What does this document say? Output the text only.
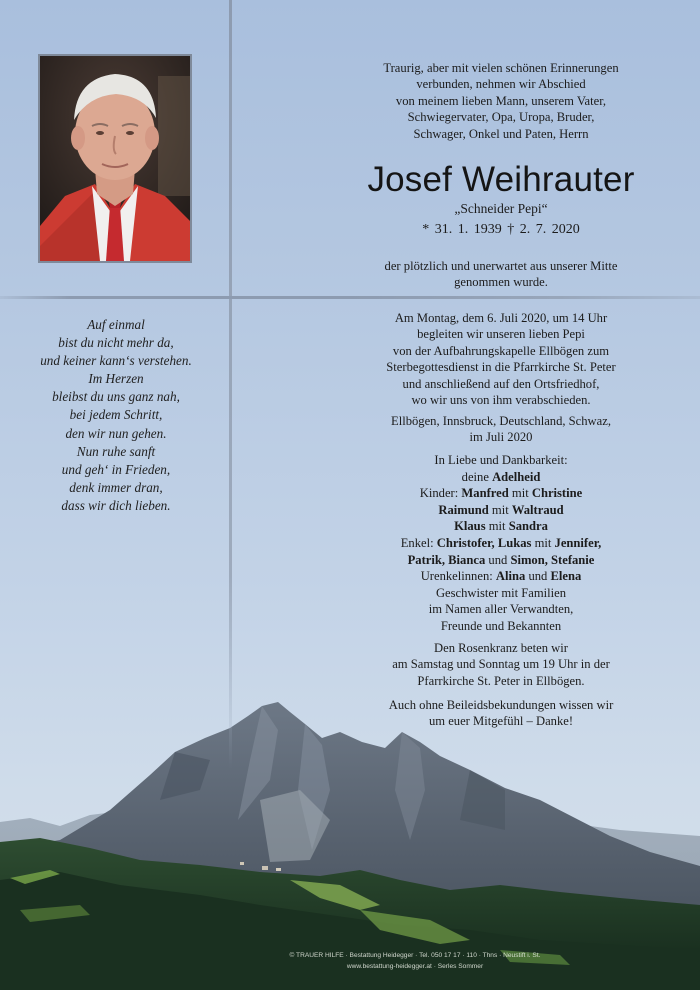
Auf einmal
bist du nicht mehr da,
und keiner kann‘s verstehen.
Im Herzen
bleibst du uns ganz nah,
bei jedem Schritt,
den wir nun gehen.
Nun ruhe sanft
und geh‘ in Frieden,
denk immer dran,
dass wir dich lieben.
Traurig, aber mit vielen schönen Erinnerungen
verbunden, nehmen wir Abschied
von meinem lieben Mann, unserem Vater,
Schwiegervater, Opa, Uropa, Bruder,
Schwager, Onkel und Paten, Herrn
Josef Weihrauter
„Schneider Pepi“
* 31. 1. 1939 † 2. 7. 2020
der plötzlich und unerwartet aus unserer Mitte
genommen wurde.
Am Montag, dem 6. Juli 2020, um 14 Uhr
begleiten wir unseren lieben Pepi
von der Aufbahrungskapelle Ellbögen zum
Sterbegottesdienst in die Pfarrkirche St. Peter
und anschließend auf den Ortsfriedhof,
wo wir uns von ihm verabschieden.
Ellbögen, Innsbruck, Deutschland, Schwaz,
im Juli 2020
In Liebe und Dankbarkeit:
deine Adelheid
Kinder: Manfred mit Christine
Raimund mit Waltraud
Klaus mit Sandra
Enkel: Christofer, Lukas mit Jennifer,
Patrik, Bianca und Simon, Stefanie
Urenkelinnen: Alina und Elena
Geschwister mit Familien
im Namen aller Verwandten,
Freunde und Bekannten
Den Rosenkranz beten wir
am Samstag und Sonntag um 19 Uhr in der
Pfarrkirche St. Peter in Ellbögen.
Auch ohne Beileidsbekundungen wissen wir
um euer Mitgefühl – Danke!
© TRAUER HILFE · Bestattung Heidegger · Tel. 050 17 17 · 110 · Thns · Neustift i. St.
www.bestattung-heidegger.at · Serles Sommer
